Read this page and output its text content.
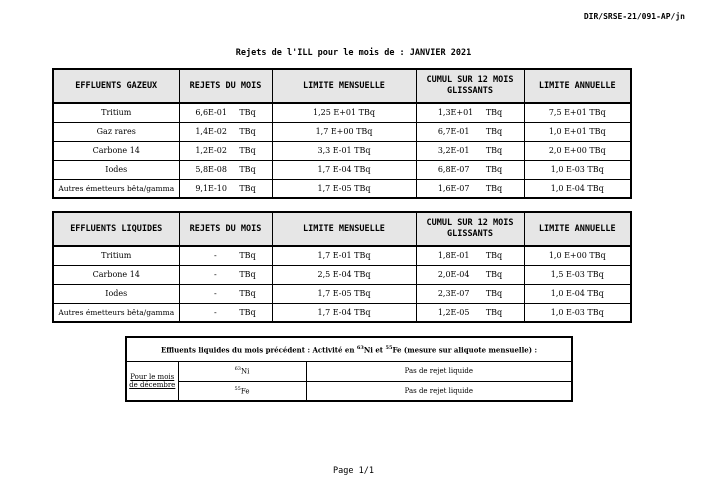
DIR/SRSE-21/091-AP/jn
Rejets de l'ILL pour le mois de : JANVIER 2021
EFFLUENTS GAZEUX	REJETS DU MOIS	LIMITE MENSUELLE	CUMUL SUR 12 MOIS GLISSANTS	LIMITE ANNUELLE
Tritium	6,6E-01 TBq	1,25 E+01 TBq	1,3E+01 TBq	7,5 E+01 TBq
Gaz rares	1,4E-02 TBq	1,7 E+00 TBq	6,7E-01 TBq	1,0 E+01 TBq
Carbone 14	1,2E-02 TBq	3,3 E-01 TBq	3,2E-01 TBq	2,0 E+00 TBq
Iodes	5,8E-08 TBq	1,7 E-04 TBq	6,8E-07 TBq	1,0 E-03 TBq
Autres émetteurs bêta/gamma	9,1E-10 TBq	1,7 E-05 TBq	1,6E-07 TBq	1,0 E-04 TBq
EFFLUENTS LIQUIDES	REJETS DU MOIS	LIMITE MENSUELLE	CUMUL SUR 12 MOIS GLISSANTS	LIMITE ANNUELLE
Tritium	- TBq	1,7 E-01 TBq	1,8E-01 TBq	1,0 E+00 TBq
Carbone 14	- TBq	2,5 E-04 TBq	2,0E-04 TBq	1,5 E-03 TBq
Iodes	- TBq	1,7 E-05 TBq	2,3E-07 TBq	1,0 E-04 TBq
Autres émetteurs bêta/gamma	- TBq	1,7 E-04 TBq	1,2E-05 TBq	1,0 E-03 TBq
Effluents liquides du mois précédent : Activité en $^{63}$Ni et $^{55}$Fe (mesure sur aliquote mensuelle) :		
Pour le mois de décembre	$^{63}$Ni	Pas de rejet liquide
	$^{55}$Fe	Pas de rejet liquide
Page 1/1
